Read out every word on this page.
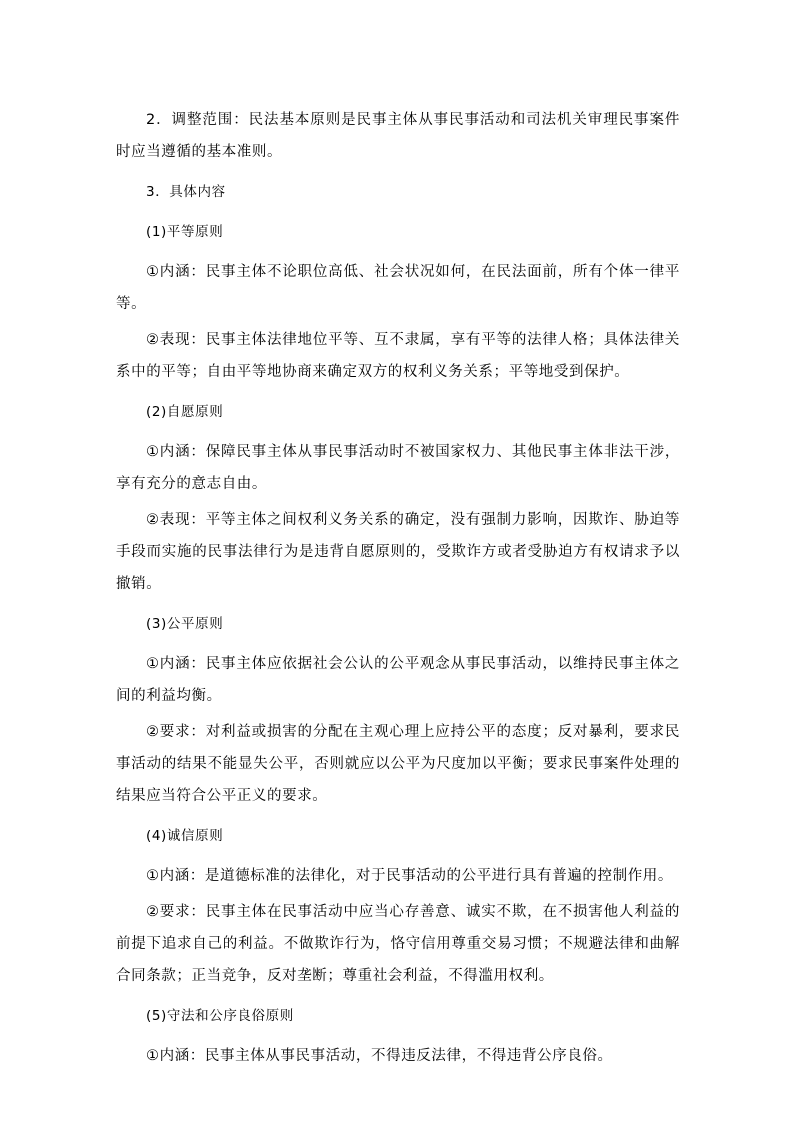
2．调整范围：民法基本原则是民事主体从事民事活动和司法机关审理民事案件时应当遵循的基本准则。

3．具体内容

(1)平等原则

①内涵：民事主体不论职位高低、社会状况如何，在民法面前，所有个体一律平等。

②表现：民事主体法律地位平等、互不隶属，享有平等的法律人格；具体法律关系中的平等；自由平等地协商来确定双方的权利义务关系；平等地受到保护。

(2)自愿原则

①内涵：保障民事主体从事民事活动时不被国家权力、其他民事主体非法干涉，享有充分的意志自由。

②表现：平等主体之间权利义务关系的确定，没有强制力影响，因欺诈、胁迫等手段而实施的民事法律行为是违背自愿原则的，受欺诈方或者受胁迫方有权请求予以撤销。

(3)公平原则

①内涵：民事主体应依据社会公认的公平观念从事民事活动，以维持民事主体之间的利益均衡。

②要求：对利益或损害的分配在主观心理上应持公平的态度；反对暴利，要求民事活动的结果不能显失公平，否则就应以公平为尺度加以平衡；要求民事案件处理的结果应当符合公平正义的要求。

(4)诚信原则

①内涵：是道德标准的法律化，对于民事活动的公平进行具有普遍的控制作用。

②要求：民事主体在民事活动中应当心存善意、诚实不欺，在不损害他人利益的前提下追求自己的利益。不做欺诈行为，恪守信用尊重交易习惯；不规避法律和曲解合同条款；正当竞争，反对垄断；尊重社会利益，不得滥用权利。

(5)守法和公序良俗原则

①内涵：民事主体从事民事活动，不得违反法律，不得违背公序良俗。
